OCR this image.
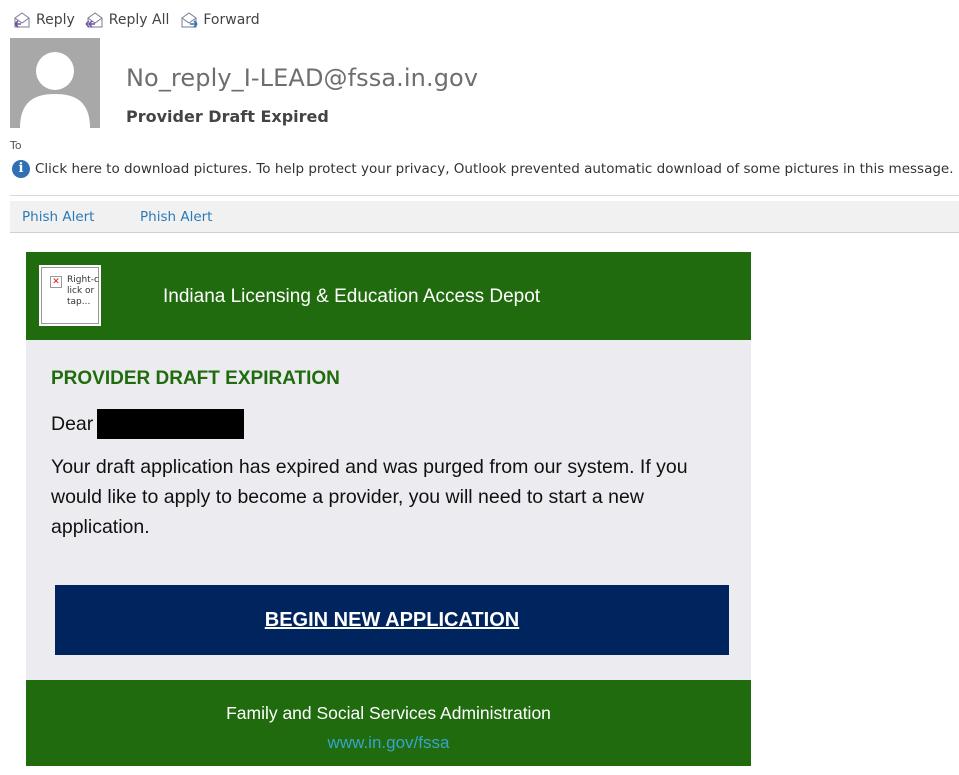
Reply Reply All Forward
No_reply_I-LEAD@fssa.in.gov
Provider Draft Expired
To
i Click here to download pictures. To help protect your privacy, Outlook prevented automatic download of some pictures in this message.
Phish Alert	Phish Alert
✕ Right-click or tap...	Indiana Licensing & Education Access Depot
PROVIDER DRAFT EXPIRATION
Dear
Your draft application has expired and was purged from our system. If you would like to apply to become a provider, you will need to start a new application.
BEGIN NEW APPLICATION
Family and Social Services Administration
www.in.gov/fssa
